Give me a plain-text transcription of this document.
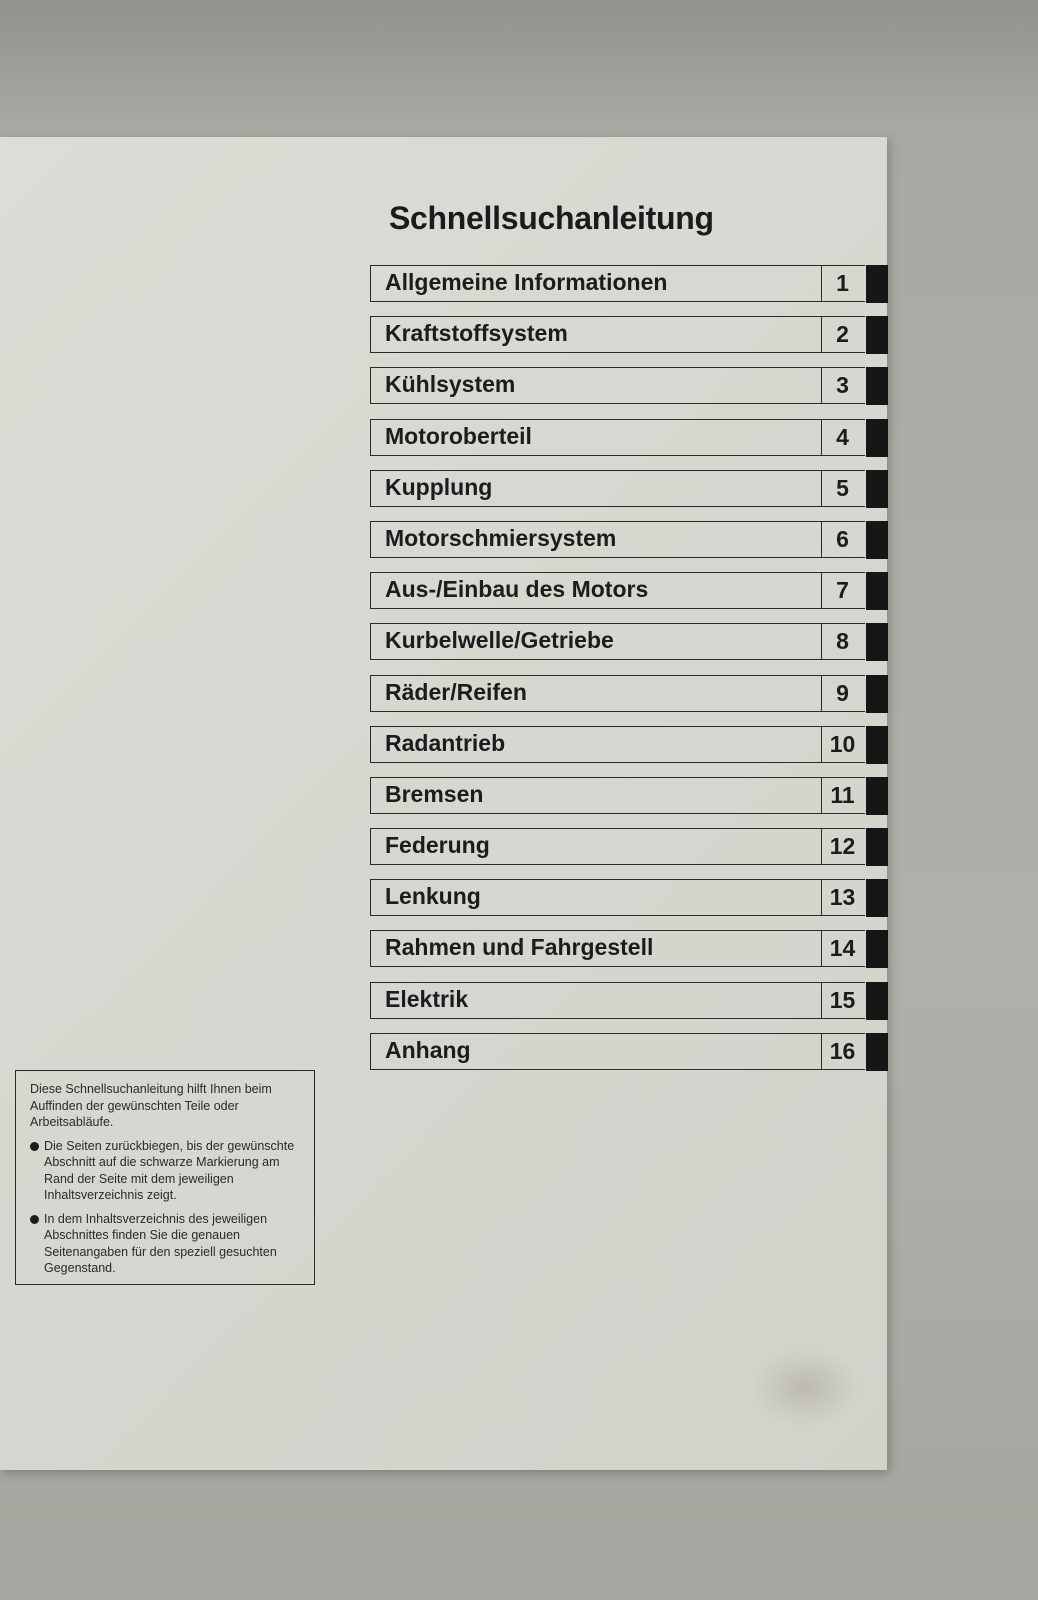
Schnellsuchanleitung
Allgemeine Informationen	1
Kraftstoffsystem	2
Kühlsystem	3
Motoroberteil	4
Kupplung	5
Motorschmiersystem	6
Aus-/Einbau des Motors	7
Kurbelwelle/Getriebe	8
Räder/Reifen	9
Radantrieb	10
Bremsen	11
Federung	12
Lenkung	13
Rahmen und Fahrgestell	14
Elektrik	15
Anhang	16

Diese Schnellsuchanleitung hilft Ihnen beim Auffinden der gewünschten Teile oder Arbeitsabläufe.

Die Seiten zurückbiegen, bis der gewünschte Abschnitt auf die schwarze Markierung am Rand der Seite mit dem jeweiligen Inhaltsverzeichnis zeigt.
In dem Inhaltsverzeichnis des jeweiligen Abschnittes finden Sie die genauen Seitenangaben für den speziell gesuchten Gegenstand.
